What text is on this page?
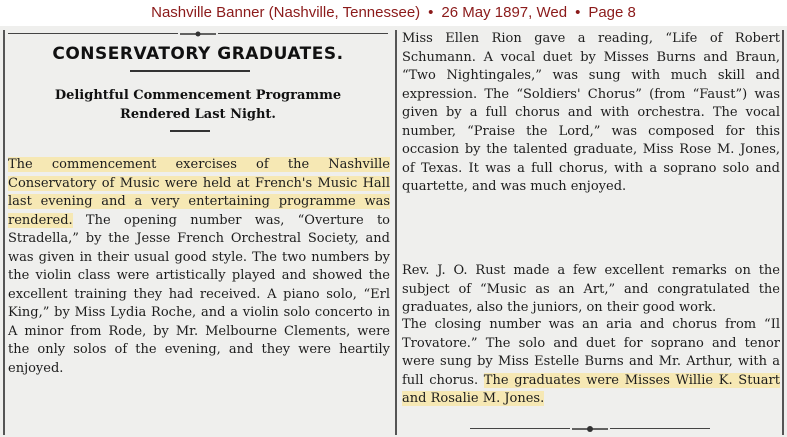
Nashville Banner (Nashville, Tennessee) • 26 May 1897, Wed • Page 8
CONSERVATORY GRADUATES.
Delightful Commencement Programme
Rendered Last Night.

The commencement exercises of the Nashville Conservatory of Music were held at French's Music Hall last evening and a very entertaining programme was rendered. The opening number was, “Overture to Stradella,” by the Jesse French Orchestral Society, and was given in their usual good style. The two numbers by the violin class were artistically played and showed the excellent training they had received. A piano solo, “Erl King,” by Miss Lydia Roche, and a violin solo concerto in A minor from Rode, by Mr. Melbourne Clements, were the only solos of the evening, and they were heartily enjoyed.

Miss Ellen Rion gave a reading, “Life of Robert Schumann. A vocal duet by Misses Burns and Braun, “Two Nightingales,” was sung with much skill and expression. The “Soldiers' Chorus” (from “Faust”) was given by a full chorus and with orchestra. The vocal number, “Praise the Lord,” was composed for this occasion by the talented graduate, Miss Rose M. Jones, of Texas. It was a full chorus, with a soprano solo and quartette, and was much enjoyed.

Rev. J. O. Rust made a few excellent remarks on the subject of “Music as an Art,” and congratulated the graduates, also the juniors, on their good work.

The closing number was an aria and chorus from “Il Trovatore.” The solo and duet for soprano and tenor were sung by Miss Estelle Burns and Mr. Arthur, with a full chorus. The graduates were Misses Willie K. Stuart and Rosalie M. Jones.
